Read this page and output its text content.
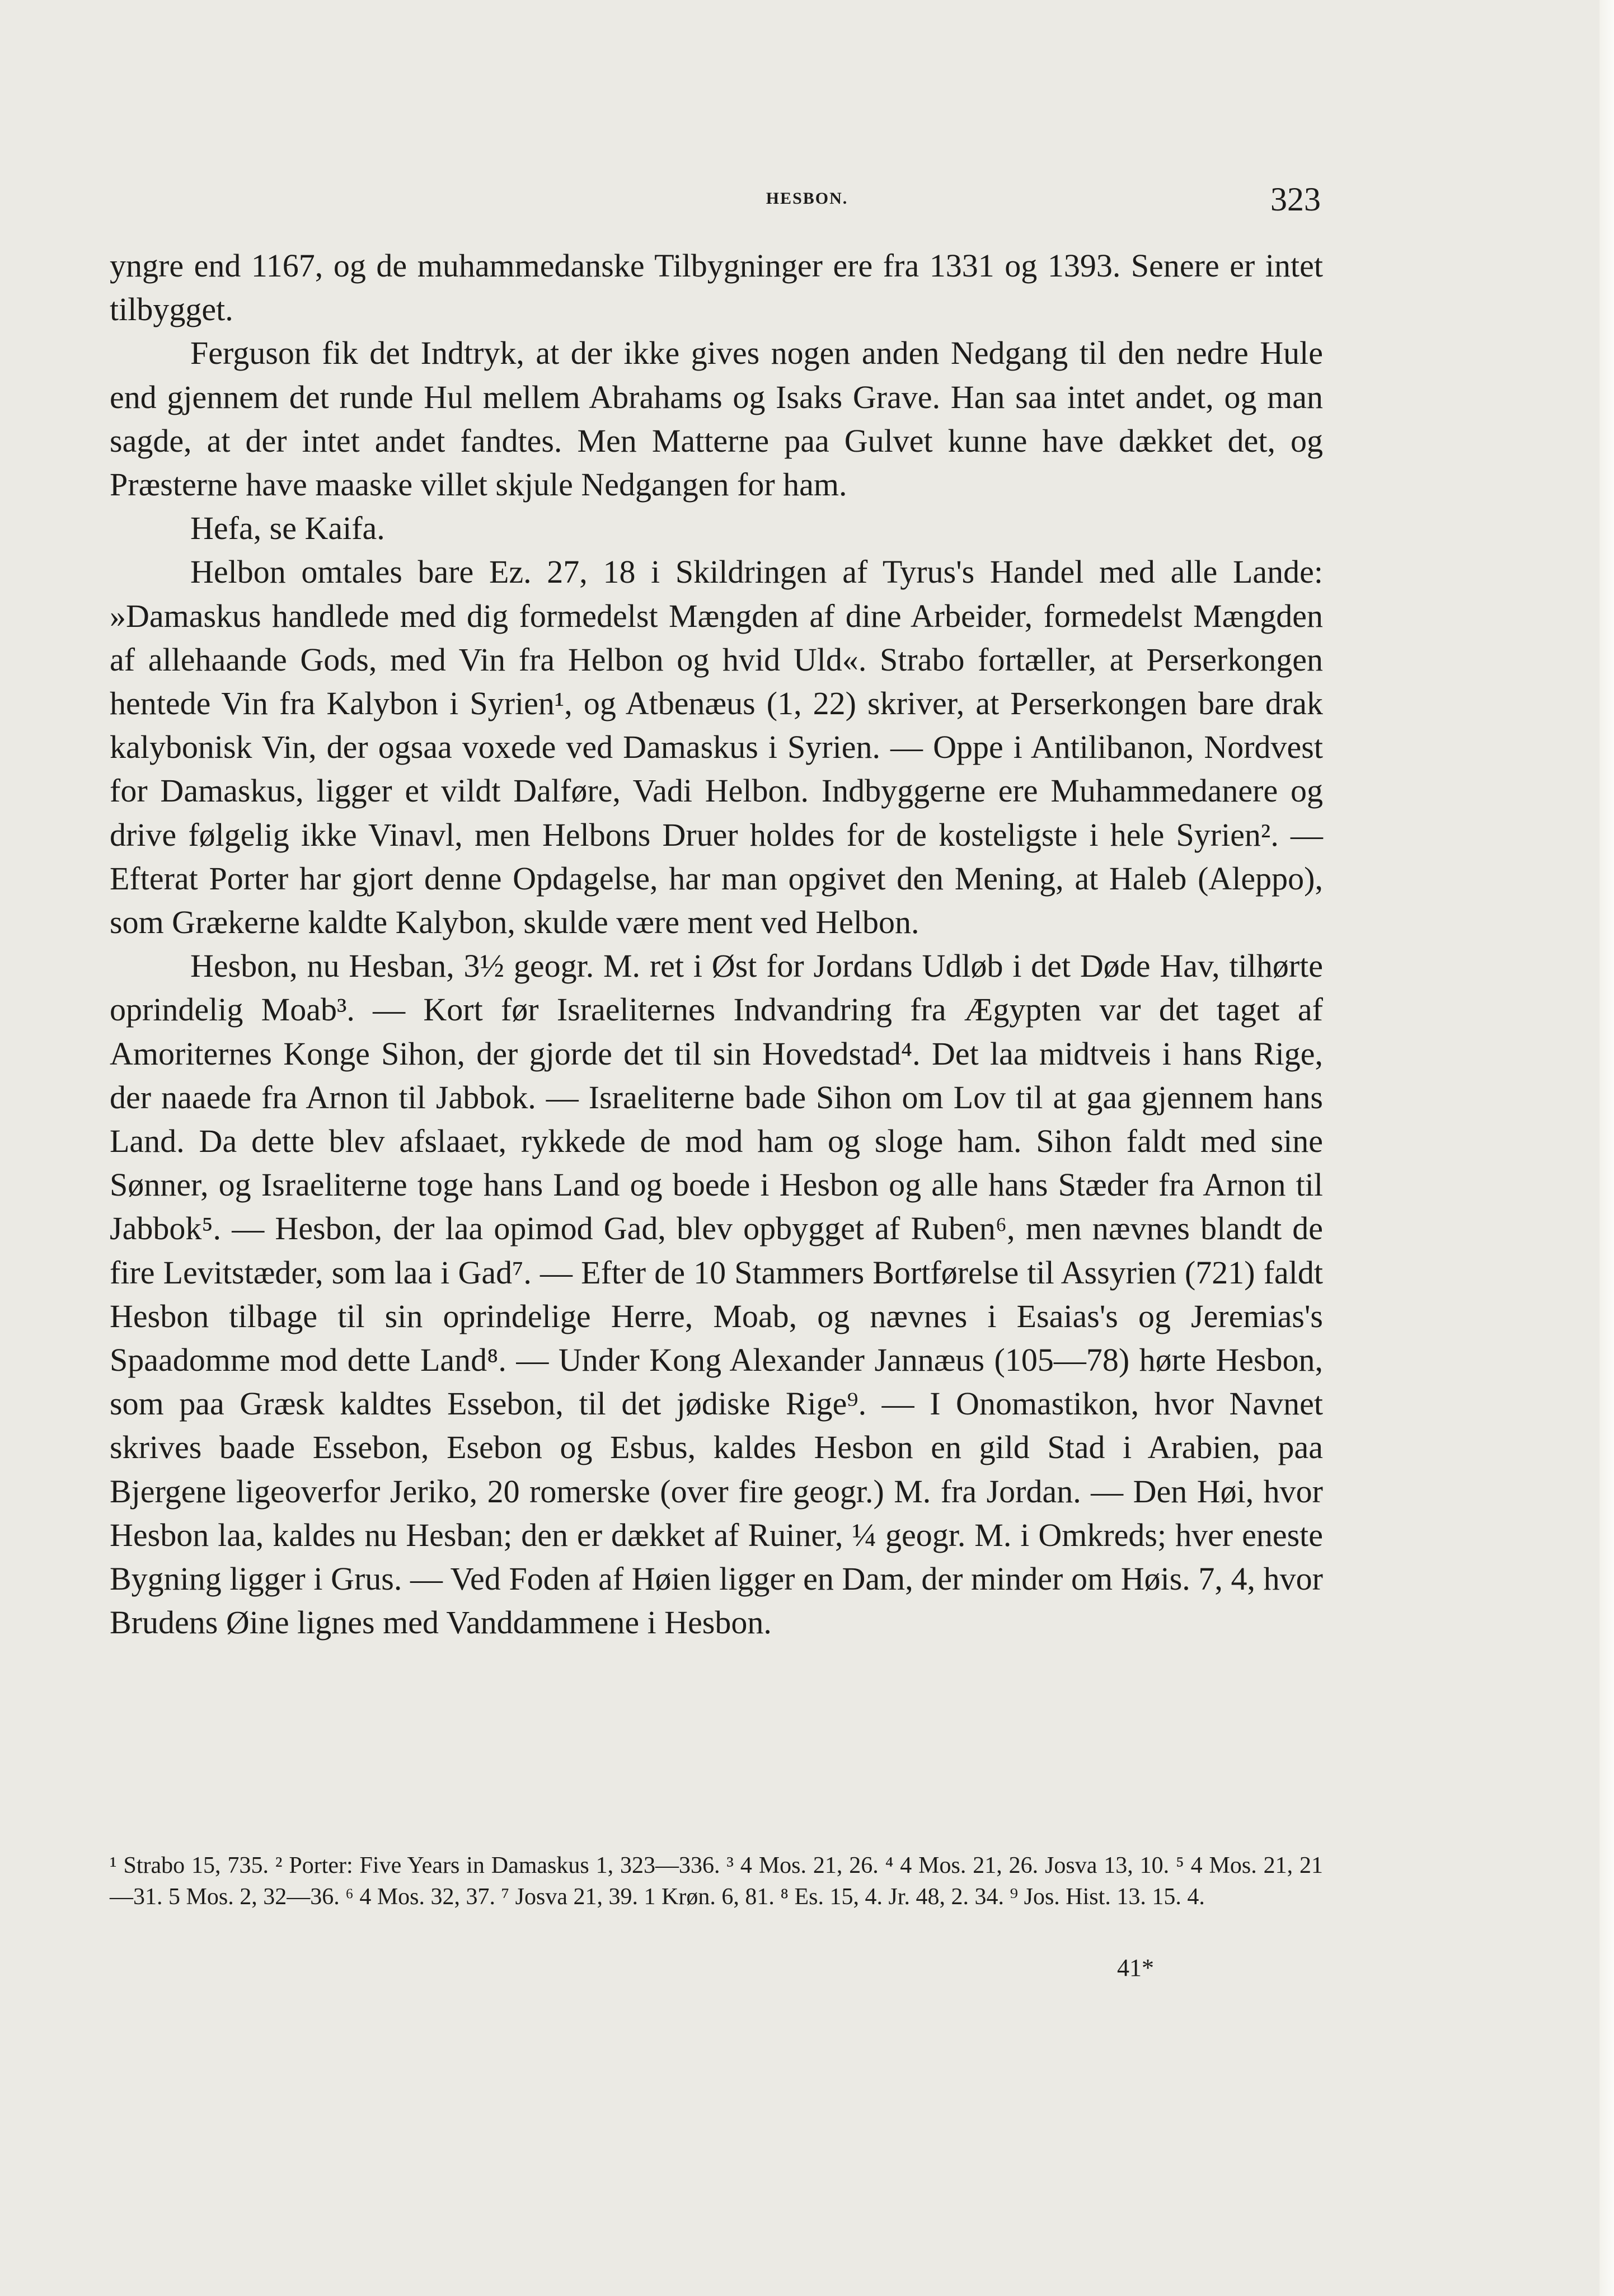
HESBON.	323

yngre end 1167, og de muhammedanske Tilbygninger ere fra 1331 og 1393. Senere er intet tilbygget.

Ferguson fik det Indtryk, at der ikke gives nogen anden Nedgang til den nedre Hule end gjennem det runde Hul mellem Abrahams og Isaks Grave. Han saa intet andet, og man sagde, at der intet andet fandtes. Men Matterne paa Gulvet kunne have dækket det, og Præsterne have maaske villet skjule Nedgangen for ham.

Hefa, se Kaifa.

Helbon omtales bare Ez. 27, 18 i Skildringen af Tyrus's Handel med alle Lande: »Damaskus handlede med dig formedelst Mængden af dine Arbeider, formedelst Mængden af allehaande Gods, med Vin fra Helbon og hvid Uld«. Strabo fortæller, at Perserkongen hentede Vin fra Kalybon i Syrien¹, og Atbenæus (1, 22) skriver, at Perserkongen bare drak kalybonisk Vin, der ogsaa voxede ved Damaskus i Syrien. — Oppe i Antilibanon, Nordvest for Damaskus, ligger et vildt Dalføre, Vadi Helbon. Indbyggerne ere Muhammedanere og drive følgelig ikke Vinavl, men Helbons Druer holdes for de kosteligste i hele Syrien². — Efterat Porter har gjort denne Opdagelse, har man opgivet den Mening, at Haleb (Aleppo), som Grækerne kaldte Kalybon, skulde være ment ved Helbon.

Hesbon, nu Hesban, 3½ geogr. M. ret i Øst for Jordans Udløb i det Døde Hav, tilhørte oprindelig Moab³. — Kort før Israeliternes Indvandring fra Ægypten var det taget af Amoriternes Konge Sihon, der gjorde det til sin Hovedstad⁴. Det laa midtveis i hans Rige, der naaede fra Arnon til Jabbok. — Israeliterne bade Sihon om Lov til at gaa gjennem hans Land. Da dette blev afslaaet, rykkede de mod ham og sloge ham. Sihon faldt med sine Sønner, og Israeliterne toge hans Land og boede i Hesbon og alle hans Stæder fra Arnon til Jabbok⁵. — Hesbon, der laa opimod Gad, blev opbygget af Ruben⁶, men nævnes blandt de fire Levitstæder, som laa i Gad⁷. — Efter de 10 Stammers Bortførelse til Assyrien (721) faldt Hesbon tilbage til sin oprindelige Herre, Moab, og nævnes i Esaias's og Jeremias's Spaadomme mod dette Land⁸. — Under Kong Alexander Jannæus (105—78) hørte Hesbon, som paa Græsk kaldtes Essebon, til det jødiske Rige⁹. — I Onomastikon, hvor Navnet skrives baade Essebon, Esebon og Esbus, kaldes Hesbon en gild Stad i Arabien, paa Bjergene ligeoverfor Jeriko, 20 romerske (over fire geogr.) M. fra Jordan. — Den Høi, hvor Hesbon laa, kaldes nu Hesban; den er dækket af Ruiner, ¼ geogr. M. i Omkreds; hver eneste Bygning ligger i Grus. — Ved Foden af Høien ligger en Dam, der minder om Høis. 7, 4, hvor Brudens Øine lignes med Vanddammene i Hesbon.

¹ Strabo 15, 735. ² Porter: Five Years in Damaskus 1, 323—336. ³ 4 Mos. 21, 26. ⁴ 4 Mos. 21, 26. Josva 13, 10. ⁵ 4 Mos. 21, 21—31. 5 Mos. 2, 32—36. ⁶ 4 Mos. 32, 37. ⁷ Josva 21, 39. 1 Krøn. 6, 81. ⁸ Es. 15, 4. Jr. 48, 2. 34. ⁹ Jos. Hist. 13. 15. 4.

41*
